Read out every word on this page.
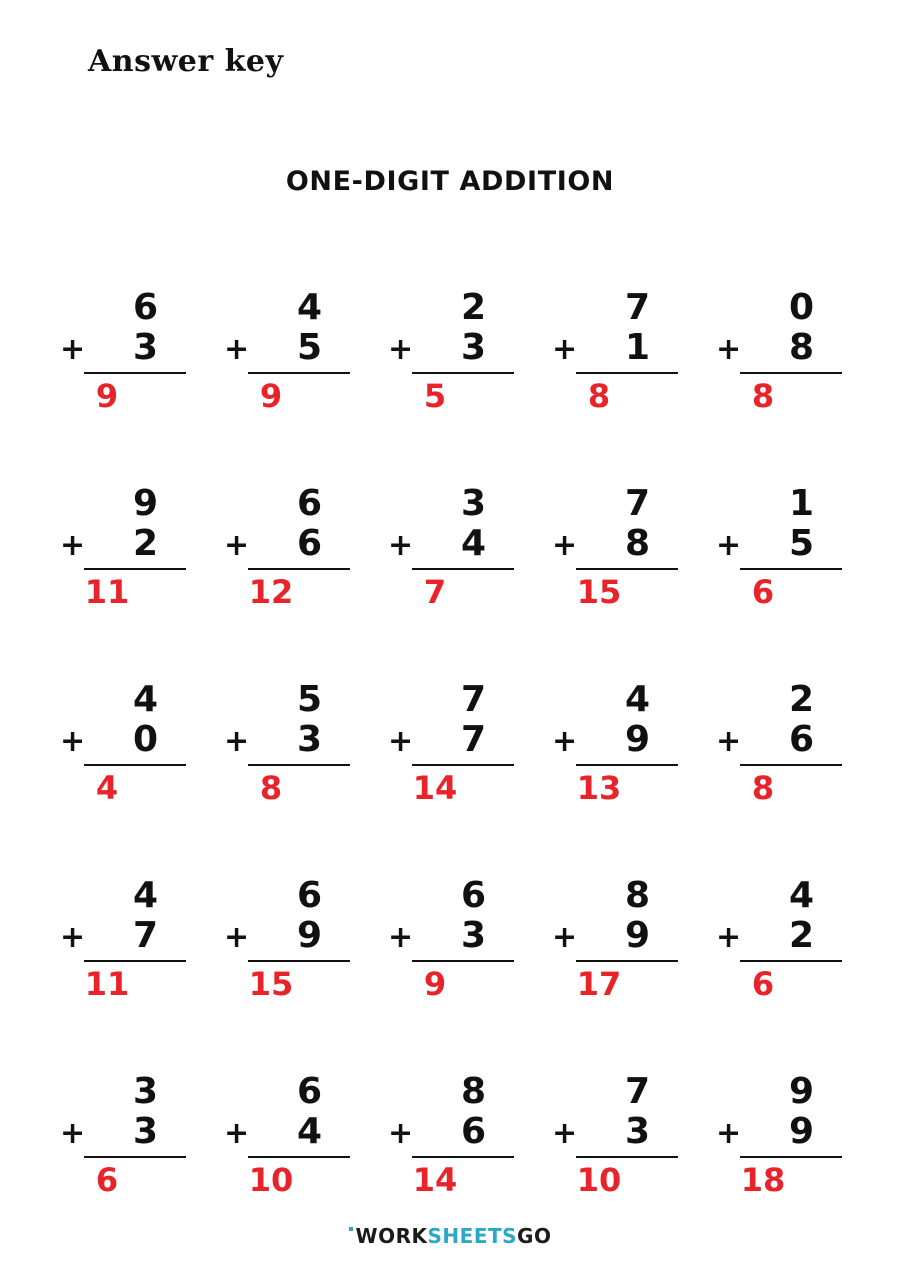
Answer key
ONE-DIGIT ADDITION
6
+	3
9
4
+	5
9
2
+	3
5
7
+	1
8
0
+	8
8
9
+	2
11
6
+	6
12
3
+	4
7
7
+	8
15
1
+	5
6
4
+	0
4
5
+	3
8
7
+	7
14
4
+	9
13
2
+	6
8
4
+	7
11
6
+	9
15
6
+	3
9
8
+	9
17
4
+	2
6
3
+	3
6
6
+	4
10
8
+	6
14
7
+	3
10
9
+	9
18
WORKSHEETSGO
